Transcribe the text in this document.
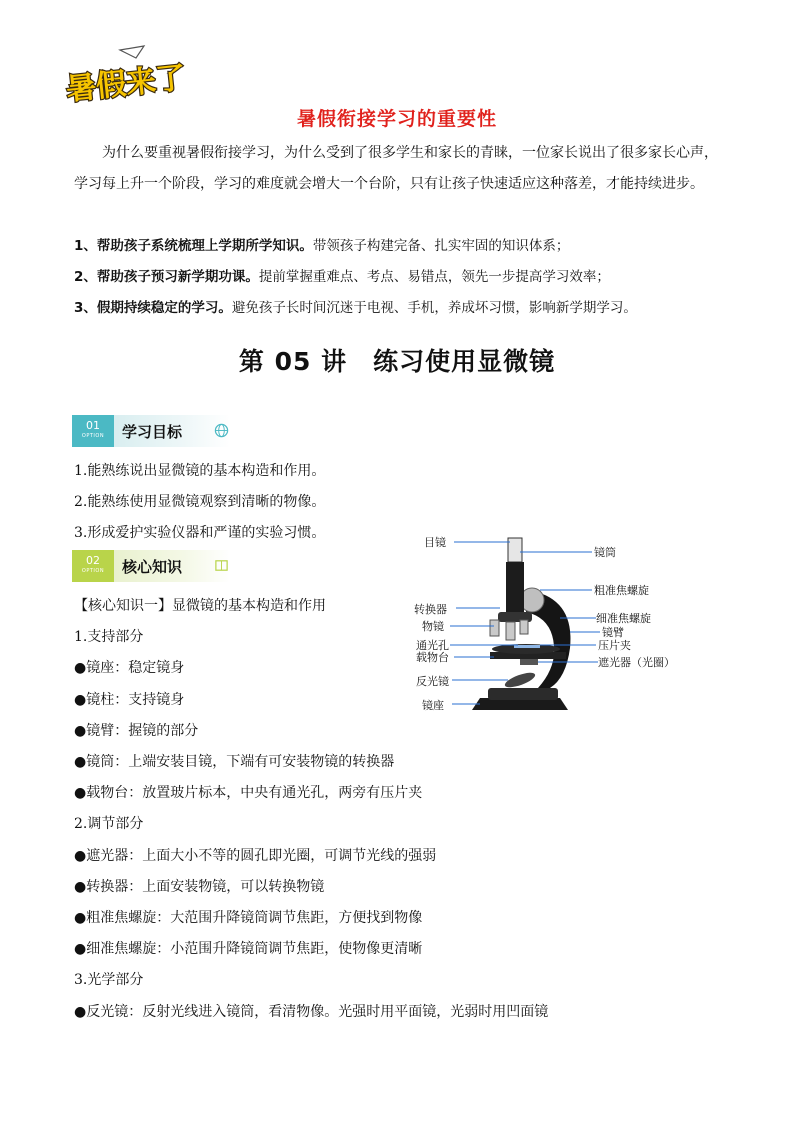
暑假来了
暑假衔接学习的重要性

为什么要重视暑假衔接学习，为什么受到了很多学生和家长的青睐，一位家长说出了很多家长心声，学习每上升一个阶段，学习的难度就会增大一个台阶，只有让孩子快速适应这种落差，才能持续进步。

1、帮助孩子系统梳理上学期所学知识。带领孩子构建完备、扎实牢固的知识体系；
2、帮助孩子预习新学期功课。提前掌握重难点、考点、易错点，领先一步提高学习效率；
3、假期持续稳定的学习。避免孩子长时间沉迷于电视、手机，养成坏习惯，影响新学期学习。
第 05 讲　练习使用显微镜
01
OPTION	学习目标
1.能熟练说出显微镜的基本构造和作用。
2.能熟练使用显微镜观察到清晰的物像。
3.形成爱护实验仪器和严谨的实验习惯。
02
OPTION	核心知识
【核心知识一】显微镜的基本构造和作用
1.支持部分
●镜座：稳定镜身
●镜柱：支持镜身
●镜臂：握镜的部分
●镜筒：上端安装目镜，下端有可安装物镜的转换器
●载物台：放置玻片标本，中央有通光孔，两旁有压片夹
2.调节部分
●遮光器：上面大小不等的圆孔即光圈，可调节光线的强弱
●转换器：上面安装物镜，可以转换物镜
●粗准焦螺旋：大范围升降镜筒调节焦距，方便找到物像
●细准焦螺旋：小范围升降镜筒调节焦距，使物像更清晰
3.光学部分
●反光镜：反射光线进入镜筒，看清物像。光强时用平面镜，光弱时用凹面镜
目镜
镜筒
粗准焦螺旋
转换器
细准焦螺旋
物镜	镜臂
通光孔	压片夹
载物台	遮光器（光圈）
反光镜
镜座
